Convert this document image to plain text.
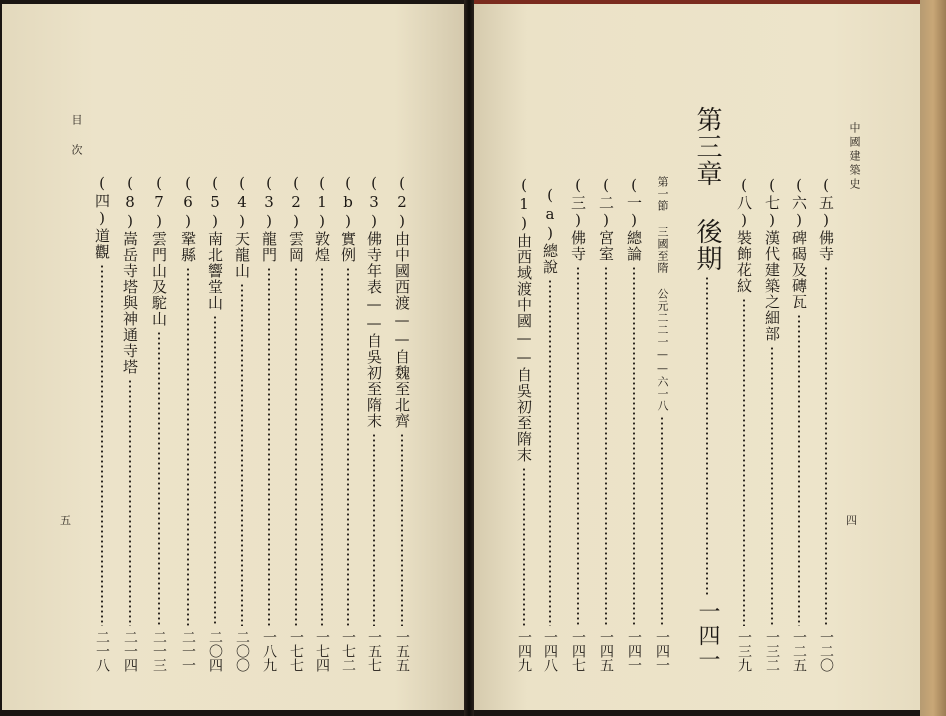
目 次
五
(2)由中國西渡——自魏至北齊
一五五
(3)佛寺年表——自吳初至隋末
一五七
(b)實例
一七二
(1)敦煌
一七四
(2)雲岡
一七七
(3)龍門
一八九
(4)天龍山
二〇〇
(5)南北響堂山
二〇四
(6)鞏縣
二一一
(7)雲門山及駝山
二一三
(8)嵩岳寺塔與神通寺塔
二一四
(四)道觀
二一八
中國建築史
四
(五)佛寺
一二〇
(六)碑碣及磚瓦
一二五
(七)漢代建築之細部
一三二
(八)裝飾花紋
一三九
第三章 後期
一四一
第一節 三國至隋 公元二二一——六一八
一四一
(一)總論
一四一
(二)宮室
一四五
(三)佛寺
一四七
(a)總說
一四八
(1)由西域渡中國——自吳初至隋末
一四九
